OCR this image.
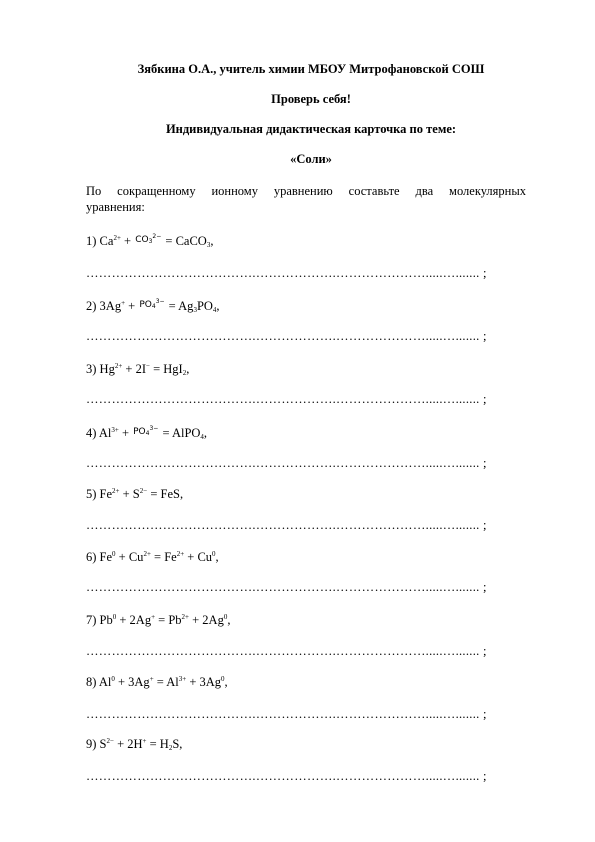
Зябкина О.А., учитель химии МБОУ Митрофановской СОШ
Проверь себя!
Индивидуальная дидактическая карточка по теме:
«Соли»
По сокращенному ионному уравнению составьте два молекулярных
уравнения:
1) $Ca^{2+} + CO_3^{2-}$ = CaCO$_3$,
………………………………….……………….………………….....…....... ;
2) $3Ag^+ + PO_4^{3-} = Ag_3PO_4$,
………………………………….……………….………………….....…....... ;
3) $Hg^{2+} + 2I^- = HgI_2$,
………………………………….……………….………………….....…....... ;
4) $Al^{3+} + PO_4^{3-}$ = AlPO$_4$,
………………………………….……………….………………….....…....... ;
5) $Fe^{2+} + S^{2-}$ = FeS,
………………………………….……………….………………….....…....... ;
6) $Fe^0 + Cu^{2+} = Fe^{2+} + Cu^0$,
………………………………….……………….………………….....…....... ;
7) $Pb^0 + 2Ag^+ = Pb^{2+} + 2Ag^0$,
………………………………….……………….………………….....…....... ;
8) $Al^0 + 3Ag^+ = Al^{3+} + 3Ag^0$,
………………………………….……………….………………….....…....... ;
9) $S^{2-} + 2H^+ = H_2S$,
………………………………….……………….………………….....…....... ;
